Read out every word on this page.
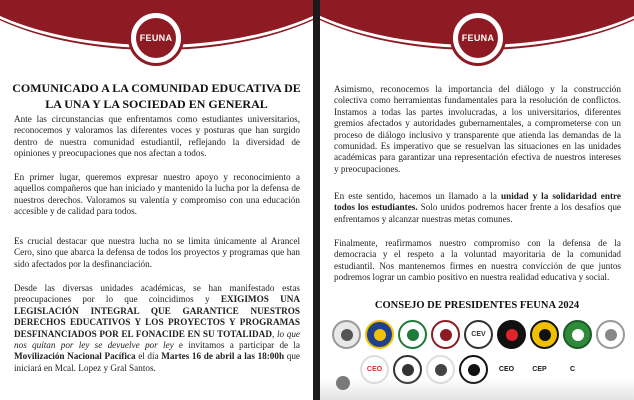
FEUNA

COMUNICADO A LA COMUNIDAD EDUCATIVA DE LA UNA Y LA SOCIEDAD EN GENERAL

Ante las circunstancias que enfrentamos como estudiantes universitarios, reconocemos y valoramos las diferentes voces y posturas que han surgido dentro de nuestra comunidad estudiantil, reflejando la diversidad de opiniones y preocupaciones que nos afectan a todos.

En primer lugar, queremos expresar nuestro apoyo y reconocimiento a aquellos compañeros que han iniciado y mantenido la lucha por la defensa de nuestros derechos. Valoramos su valentía y compromiso con una educación accesible y de calidad para todos.

Es crucial destacar que nuestra lucha no se limita únicamente al Arancel Cero, sino que abarca la defensa de todos los proyectos y programas que han sido afectados por la desfinanciación.

Desde las diversas unidades académicas, se han manifestado estas preocupaciones por lo que coincidimos y EXIGIMOS UNA LEGISLACIÓN INTEGRAL QUE GARANTICE NUESTROS DERECHOS EDUCATIVOS Y LOS PROYECTOS Y PROGRAMAS DESFINANCIADOS POR EL FONACIDE EN SU TOTALIDAD, lo que nos quitan por ley se devuelve por ley e invitamos a participar de la Movilización Nacional Pacífica el día Martes 16 de abril a las 18:00h que iniciará en Mcal. Lopez y Gral Santos.

FEUNA

Asimismo, reconocemos la importancia del diálogo y la construcción colectiva como herramientas fundamentales para la resolución de conflictos. Instamos a todas las partes involucradas, a los universitarios, diferentes gremios afectados y autoridades gubernamentales, a comprometerse con un proceso de diálogo inclusivo y transparente que atienda las demandas de la comunidad. Es imperativo que se resuelvan las situaciones en las unidades académicas para garantizar una representación efectiva de nuestros intereses y preocupaciones.

En este sentido, hacemos un llamado a la unidad y la solidaridad entre todos los estudiantes. Solo unidos podremos hacer frente a los desafíos que enfrentamos y alcanzar nuestras metas comunes.

Finalmente, reafirmamos nuestro compromiso con la defensa de la democracia y el respeto a la voluntad mayoritaria de la comunidad estudiantil. Nos mantenemos firmes en nuestra convicción de que juntos podremos lograr un cambio positivo en nuestra realidad educativa y social.

CONSEJO DE PRESIDENTES FEUNA 2024

CEV
CEO	CEO	CEP	C
